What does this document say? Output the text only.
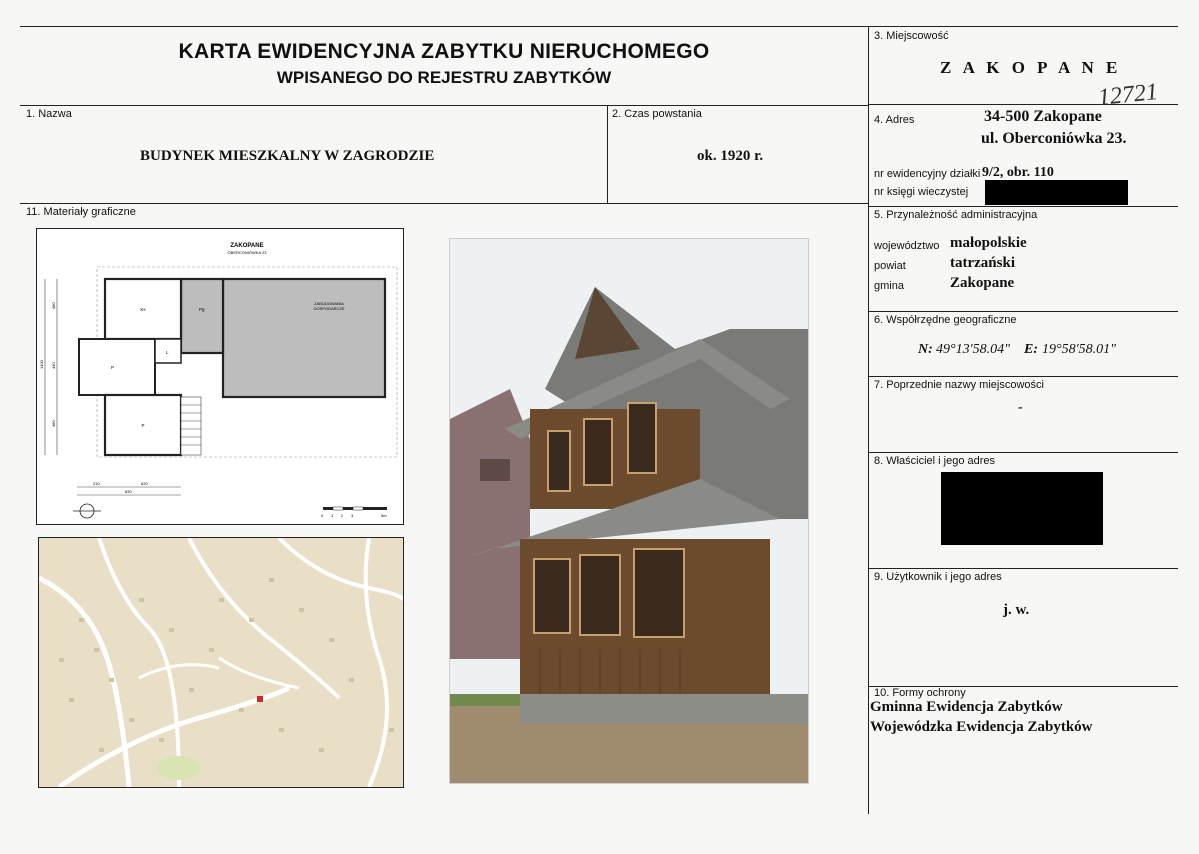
KARTA EWIDENCYJNA ZABYTKU NIERUCHOMEGO
WPISANEGO DO REJESTRU ZABYTKÓW
3. Miejscowość
Z A K O P A N E
12721
1. Nazwa
BUDYNEK MIESZKALNY W ZAGRODZIE
2. Czas powstania
ok. 1920 r.
4. Adres	34-500 Zakopane
ul. Oberconiówka 23.
nr ewidencyjny działki 9/2, obr. 110
nr księgi wieczystej
5. Przynależność administracyjna
województwo małopolskie
powiat	tatrzański
gmina	Zakopane
6. Współrzędne geograficzne
N: 49°13'58.04" E: 19°58'58.01"
7. Poprzednie nazwy miejscowości
-
8. Właściciel i jego adres
9. Użytkownik i jego adres
j. w.
10. Formy ochrony
Gminna Ewidencja Zabytków
Wojewódzka Ewidencja Zabytków
11. Materiały graficzne
ZAKOPANE
OBERCONIÓWKA 23
ZABUDOWANIA
GOSPODARCZE
Pg
Ks
P
L
P
1400
480
440
480
210	620
830
0 1 2 3	5m
